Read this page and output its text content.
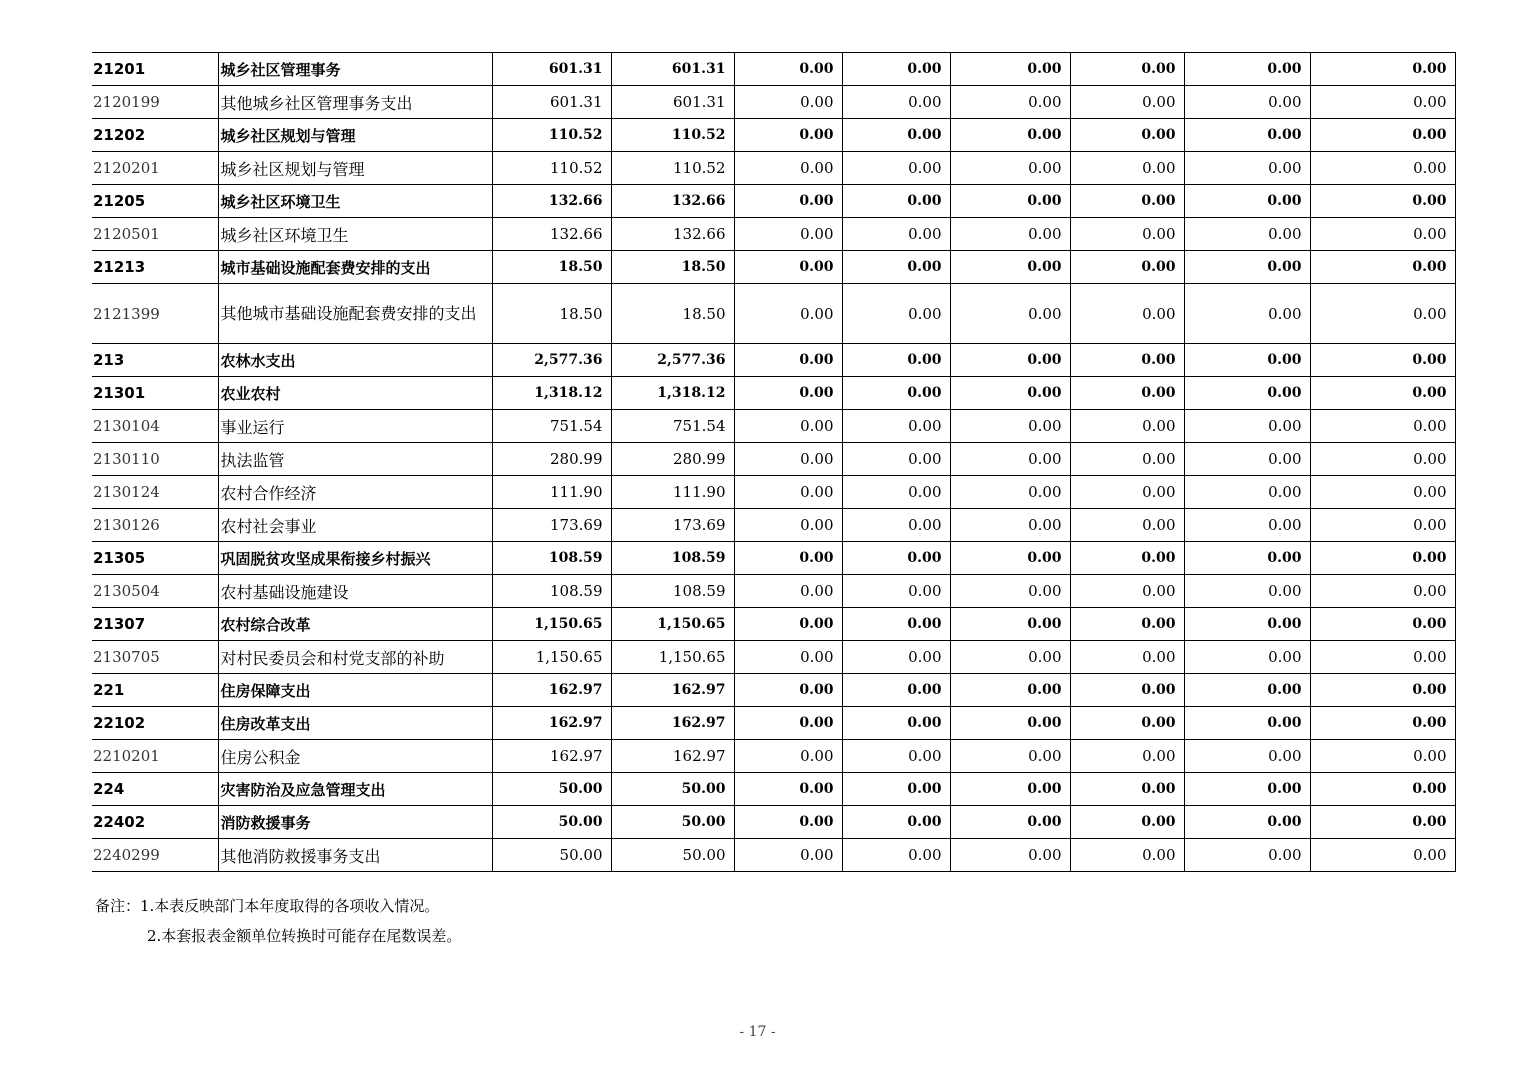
21201	城乡社区管理事务	601.31	601.31	0.00	0.00	0.00	0.00	0.00	0.00
2120199	其他城乡社区管理事务支出	601.31	601.31	0.00	0.00	0.00	0.00	0.00	0.00
21202	城乡社区规划与管理	110.52	110.52	0.00	0.00	0.00	0.00	0.00	0.00
2120201	城乡社区规划与管理	110.52	110.52	0.00	0.00	0.00	0.00	0.00	0.00
21205	城乡社区环境卫生	132.66	132.66	0.00	0.00	0.00	0.00	0.00	0.00
2120501	城乡社区环境卫生	132.66	132.66	0.00	0.00	0.00	0.00	0.00	0.00
21213	城市基础设施配套费安排的支出	18.50	18.50	0.00	0.00	0.00	0.00	0.00	0.00
2121399	其他城市基础设施配套费安排的支出	18.50	18.50	0.00	0.00	0.00	0.00	0.00	0.00
213	农林水支出	2,577.36	2,577.36	0.00	0.00	0.00	0.00	0.00	0.00
21301	农业农村	1,318.12	1,318.12	0.00	0.00	0.00	0.00	0.00	0.00
2130104	事业运行	751.54	751.54	0.00	0.00	0.00	0.00	0.00	0.00
2130110	执法监管	280.99	280.99	0.00	0.00	0.00	0.00	0.00	0.00
2130124	农村合作经济	111.90	111.90	0.00	0.00	0.00	0.00	0.00	0.00
2130126	农村社会事业	173.69	173.69	0.00	0.00	0.00	0.00	0.00	0.00
21305	巩固脱贫攻坚成果衔接乡村振兴	108.59	108.59	0.00	0.00	0.00	0.00	0.00	0.00
2130504	农村基础设施建设	108.59	108.59	0.00	0.00	0.00	0.00	0.00	0.00
21307	农村综合改革	1,150.65	1,150.65	0.00	0.00	0.00	0.00	0.00	0.00
2130705	对村民委员会和村党支部的补助	1,150.65	1,150.65	0.00	0.00	0.00	0.00	0.00	0.00
221	住房保障支出	162.97	162.97	0.00	0.00	0.00	0.00	0.00	0.00
22102	住房改革支出	162.97	162.97	0.00	0.00	0.00	0.00	0.00	0.00
2210201	住房公积金	162.97	162.97	0.00	0.00	0.00	0.00	0.00	0.00
224	灾害防治及应急管理支出	50.00	50.00	0.00	0.00	0.00	0.00	0.00	0.00
22402	消防救援事务	50.00	50.00	0.00	0.00	0.00	0.00	0.00	0.00
2240299	其他消防救援事务支出	50.00	50.00	0.00	0.00	0.00	0.00	0.00	0.00
备注：1.本表反映部门本年度取得的各项收入情况。
2.本套报表金额单位转换时可能存在尾数误差。
- 17 -
